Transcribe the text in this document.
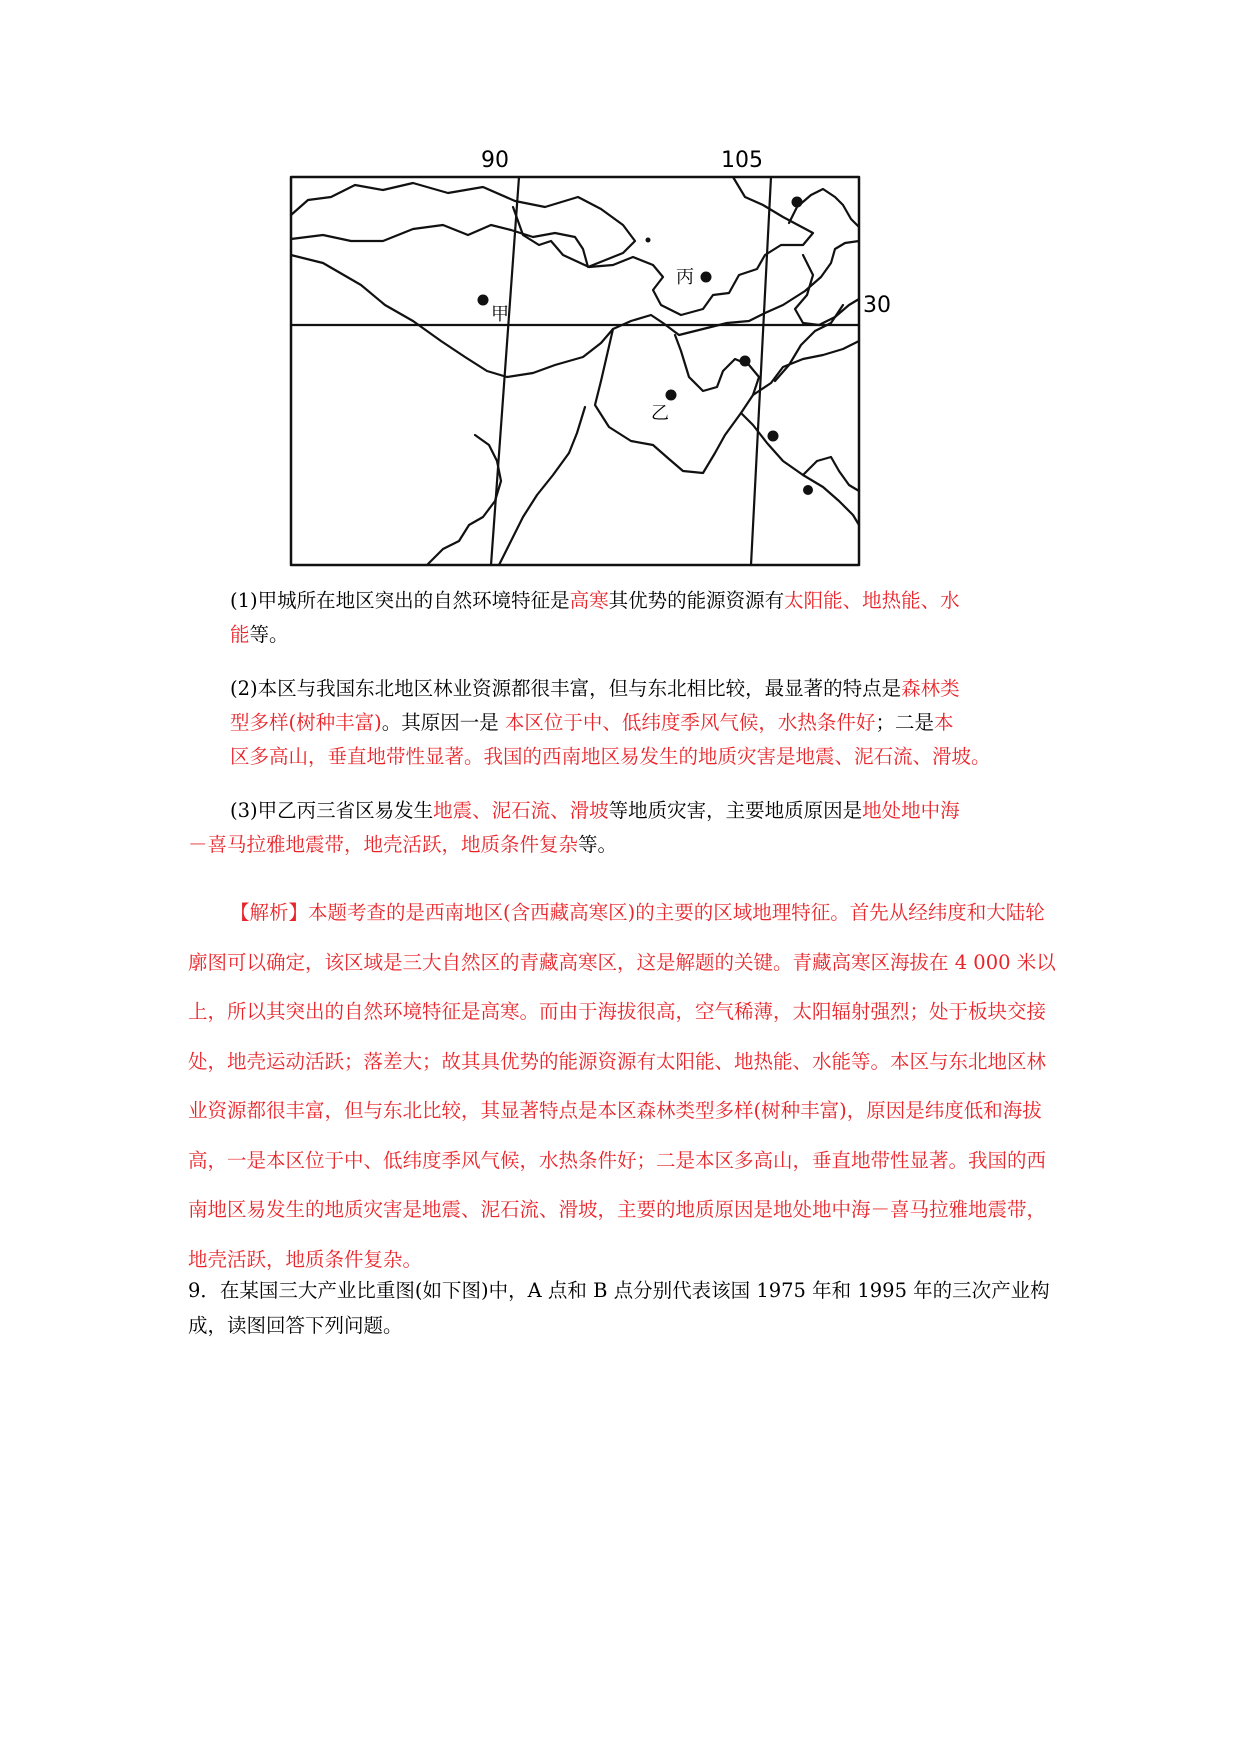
90	105
30
甲
乙
丙
(1)甲城所在地区突出的自然环境特征是高寒其优势的能源资源有太阳能、地热能、水
能等。
(2)本区与我国东北地区林业资源都很丰富，但与东北相比较，最显著的特点是森林类
型多样(树种丰富)。其原因一是 本区位于中、低纬度季风气候，水热条件好；二是本
区多高山，垂直地带性显著。我国的西南地区易发生的地质灾害是地震、泥石流、滑坡。
(3)甲乙丙三省区易发生地震、泥石流、滑坡等地质灾害，主要地质原因是地处地中海
－喜马拉雅地震带，地壳活跃，地质条件复杂等。
【解析】本题考查的是西南地区(含西藏高寒区)的主要的区域地理特征。首先从经纬度和大陆轮廓图可以确定，该区域是三大自然区的青藏高寒区，这是解题的关键。青藏高寒区海拔在 4 000 米以上，所以其突出的自然环境特征是高寒。而由于海拔很高，空气稀薄，太阳辐射强烈；处于板块交接处，地壳运动活跃；落差大；故其具优势的能源资源有太阳能、地热能、水能等。本区与东北地区林业资源都很丰富，但与东北比较，其显著特点是本区森林类型多样(树种丰富)，原因是纬度低和海拔高，一是本区位于中、低纬度季风气候，水热条件好；二是本区多高山，垂直地带性显著。我国的西南地区易发生的地质灾害是地震、泥石流、滑坡，主要的地质原因是地处地中海－喜马拉雅地震带，地壳活跃，地质条件复杂。
9．在某国三大产业比重图(如下图)中，A 点和 B 点分别代表该国 1975 年和 1995 年的三次产业构成，读图回答下列问题。
